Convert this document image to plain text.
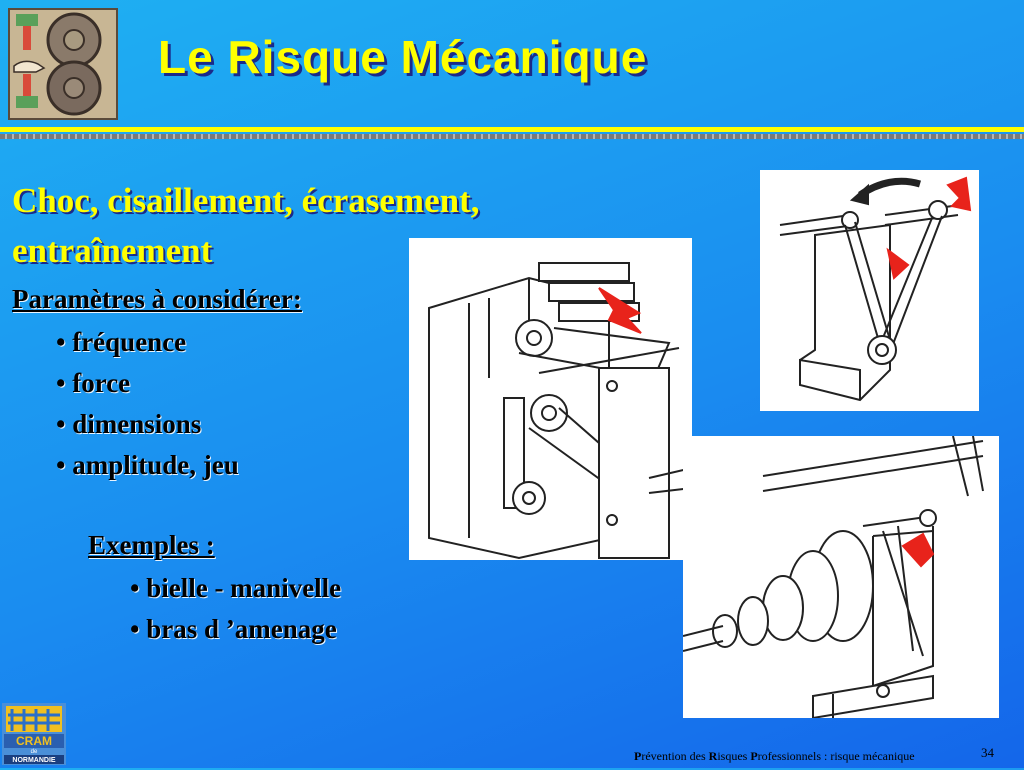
Le Risque Mécanique
Choc, cisaillement, écrasement,
entraînement
Paramètres à considérer:
• fréquence
• force
• dimensions
• amplitude, jeu
Exemples :
• bielle - manivelle
• bras d ’amenage
CRAM
de
NORMANDIE	Prévention des Risques Professionnels : risque mécanique	34
